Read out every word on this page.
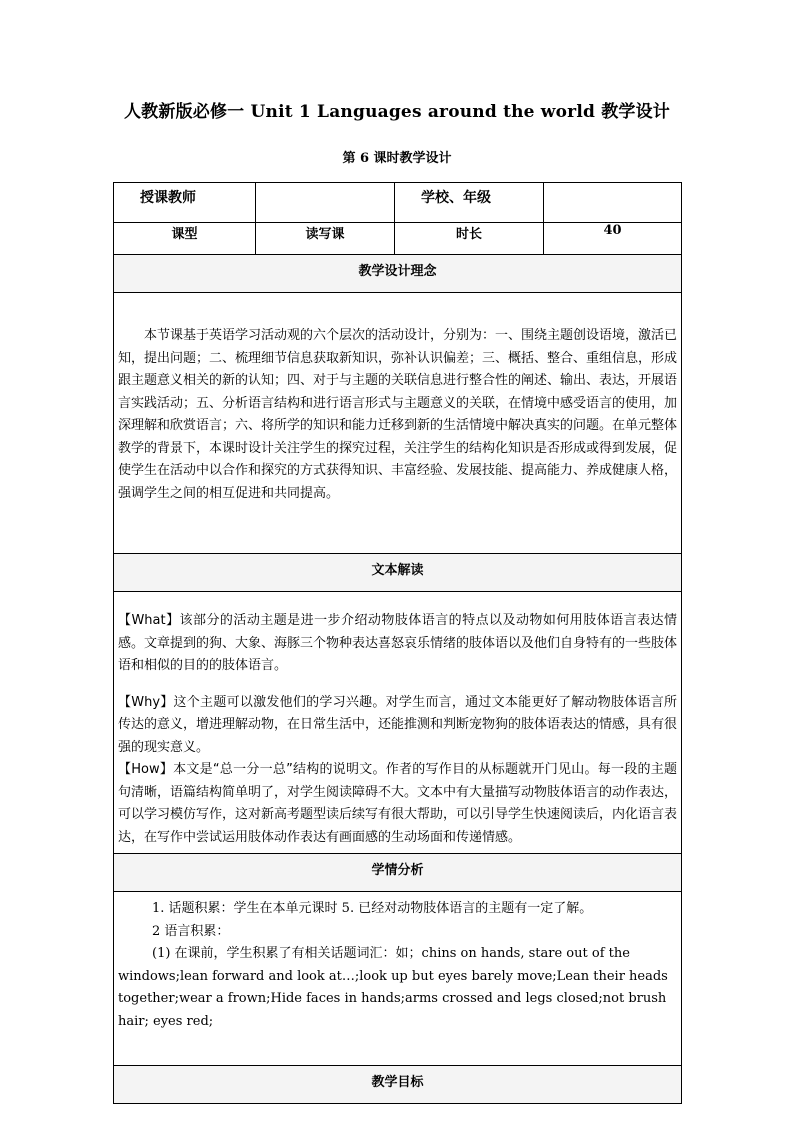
人教新版必修一 Unit 1 Languages around the world 教学设计
第 6 课时教学设计
授课教师		学校、年级	
课型	读写课	时长	40
教学设计理念			
本节课基于英语学习活动观的六个层次的活动设计，分别为：一、围绕主题创设语境，激活已知，提出问题；二、梳理细节信息获取新知识，弥补认识偏差；三、概括、整合、重组信息，形成跟主题意义相关的新的认知；四、对于与主题的关联信息进行整合性的阐述、输出、表达，开展语言实践活动；五、分析语言结构和进行语言形式与主题意义的关联，在情境中感受语言的使用，加深理解和欣赏语言；六、将所学的知识和能力迁移到新的生活情境中解决真实的问题。在单元整体教学的背景下，本课时设计关注学生的探究过程，关注学生的结构化知识是否形成或得到发展，促使学生在活动中以合作和探究的方式获得知识、丰富经验、发展技能、提高能力、养成健康人格，强调学生之间的相互促进和共同提高。			
文本解读			

【What】该部分的活动主题是进一步介绍动物肢体语言的特点以及动物如何用肢体语言表达情感。文章提到的狗、大象、海豚三个物种表达喜怒哀乐情绪的肢体语以及他们自身特有的一些肢体语和相似的目的的肢体语言。

【Why】这个主题可以激发他们的学习兴趣。对学生而言，通过文本能更好了解动物肢体语言所传达的意义，增进理解动物，在日常生活中，还能推测和判断宠物狗的肢体语表达的情感，具有很强的现实意义。

【How】本文是“总一分一总”结构的说明文。作者的写作目的从标题就开门见山。每一段的主题句清晰，语篇结构简单明了，对学生阅读障碍不大。文本中有大量描写动物肢体语言的动作表达，可以学习模仿写作，这对新高考题型读后续写有很大帮助，可以引导学生快速阅读后，内化语言表达，在写作中尝试运用肢体动作表达有画面感的生动场面和传递情感。			

学情分析			

1. 话题积累：学生在本单元课时 5. 已经对动物肢体语言的主题有一定了解。

2 语言积累：

(1) 在课前，学生积累了有相关话题词汇：如；chins on hands, stare out of the windows;lean forward and look at…;look up but eyes barely move;Lean their heads together;wear a frown;Hide faces in hands;arms crossed and legs closed;not brush hair; eyes red;			

教学目标			
